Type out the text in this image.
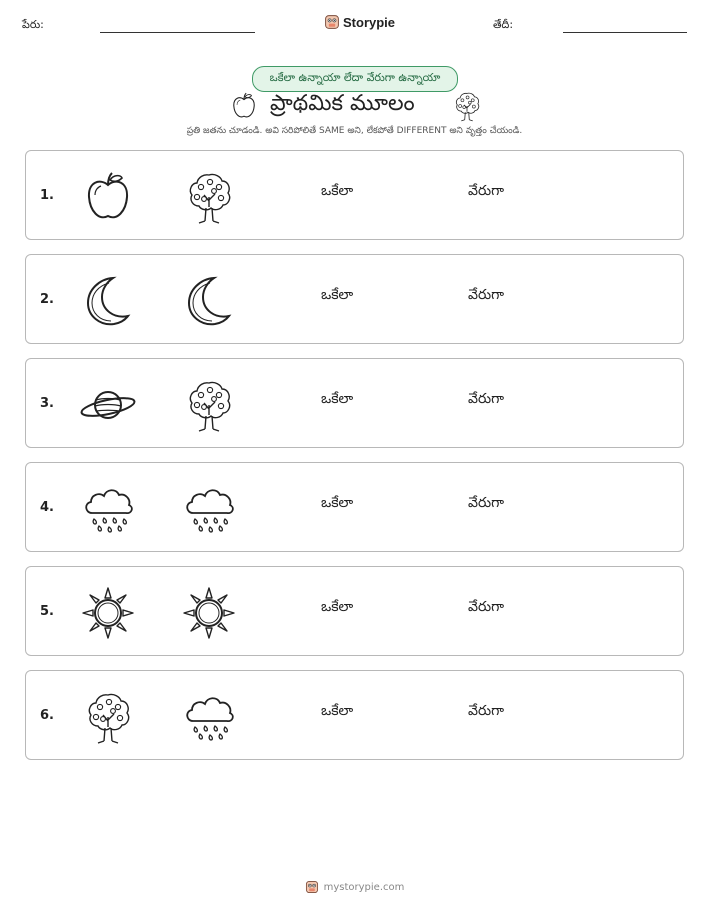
పేరు:	Storypie	తేదీ:
ఒకేలా ఉన్నాయా లేదా వేరుగా ఉన్నాయా
ప్రాథమిక మూలం
ప్రతి జతను చూడండి. అవి సరిపోలితే SAME అని, లేకపోతే DIFFERENT అని వృత్తం చేయండి.
1.	ఒకేలా	వేరుగా
2.	ఒకేలా	వేరుగా
3.	ఒకేలా	వేరుగా
4.	ఒకేలా	వేరుగా
5.	ఒకేలా	వేరుగా
6.	ఒకేలా	వేరుగా
mystorypie.com
